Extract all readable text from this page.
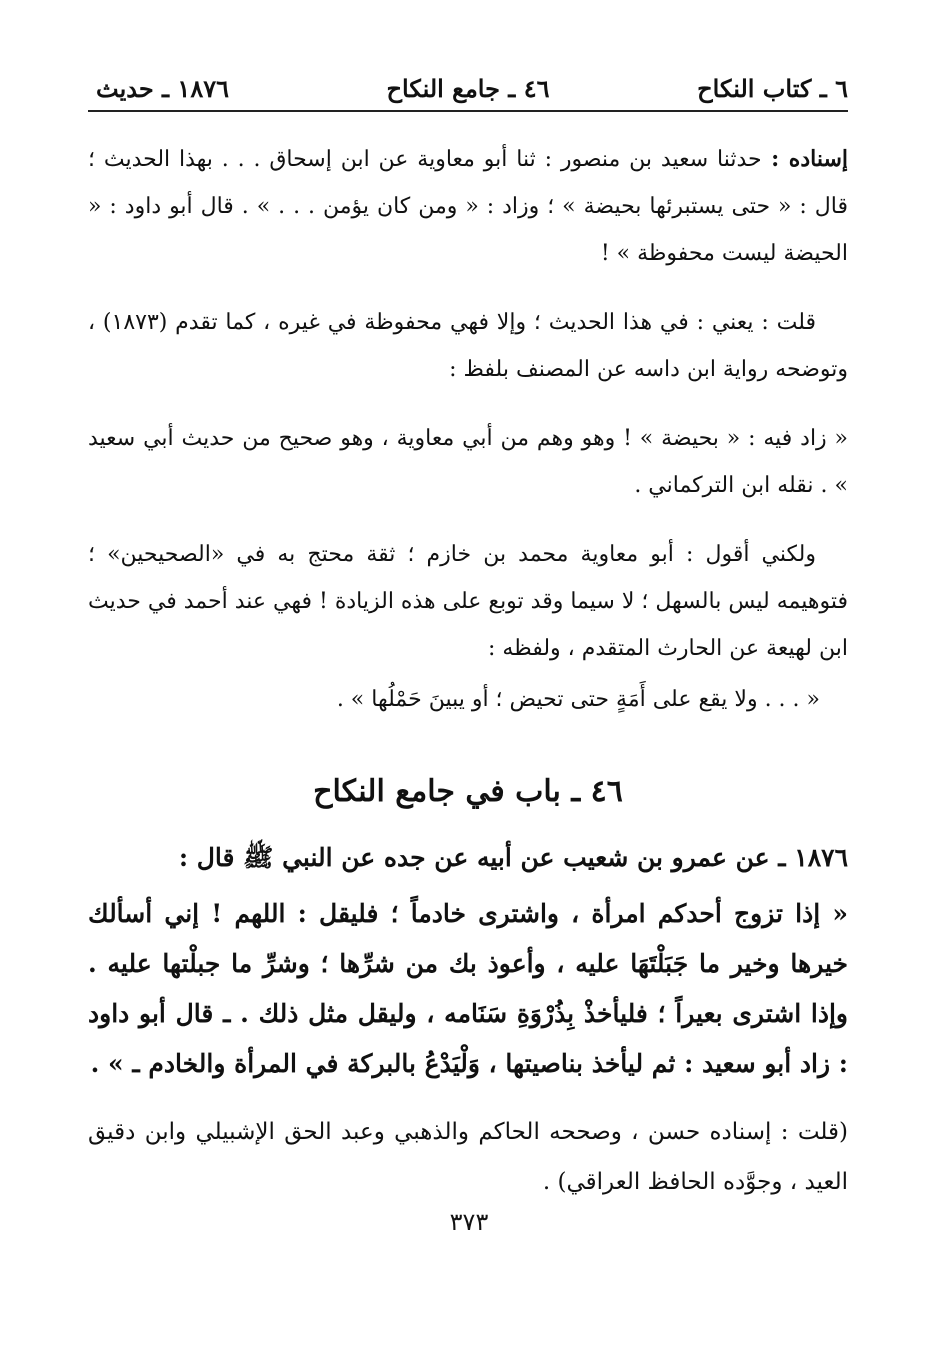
٦ ـ كتاب النكاح
٤٦ ـ جامع النكاح
١٨٧٦ ـ حديث

إسناده : حدثنا سعيد بن منصور : ثنا أبو معاوية عن ابن إسحاق . . . بهذا الحديث ؛ قال : « حتى يستبرئها بحيضة » ؛ وزاد : « ومن كان يؤمن . . . » . قال أبو داود : « الحيضة ليست محفوظة » !

قلت : يعني : في هذا الحديث ؛ وإلا فهي محفوظة في غيره ، كما تقدم (١٨٧٣) ، وتوضحه رواية ابن داسه عن المصنف بلفظ :

« زاد فيه : « بحيضة » ! وهو وهم من أبي معاوية ، وهو صحيح من حديث أبي سعيد » . نقله ابن التركماني .

ولكني أقول : أبو معاوية محمد بن خازم ؛ ثقة محتج به في «الصحيحين» ؛ فتوهيمه ليس بالسهل ؛ لا سيما وقد توبع على هذه الزيادة ! فهي عند أحمد في حديث ابن لهيعة عن الحارث المتقدم ، ولفظه :

« . . . ولا يقع على أَمَةٍ حتى تحيض ؛ أو يبينَ حَمْلُها » .

٤٦ ـ باب في جامع النكاح

١٨٧٦ ـ عن عمرو بن شعيب عن أبيه عن جده عن النبي ﷺ قال :

« إذا تزوج أحدكم امرأة ، واشترى خادماً ؛ فليقل : اللهم ! إني أسألك خيرها وخير ما جَبَلْتَهَا عليه ، وأعوذ بك من شرِّها ؛ وشرِّ ما جبلْتها عليه . وإذا اشترى بعيراً ؛ فليأخذْ بِذُرْوَةِ سَنَامه ، وليقل مثل ذلك . ـ قال أبو داود : زاد أبو سعيد : ثم ليأخذ بناصيتها ، وَلْيَدْعُ بالبركة في المرأة والخادم ـ » .

(قلت : إسناده حسن ، وصححه الحاكم والذهبي وعبد الحق الإشبيلي وابن دقيق العيد ، وجوَّده الحافظ العراقي) .

٣٧٣
